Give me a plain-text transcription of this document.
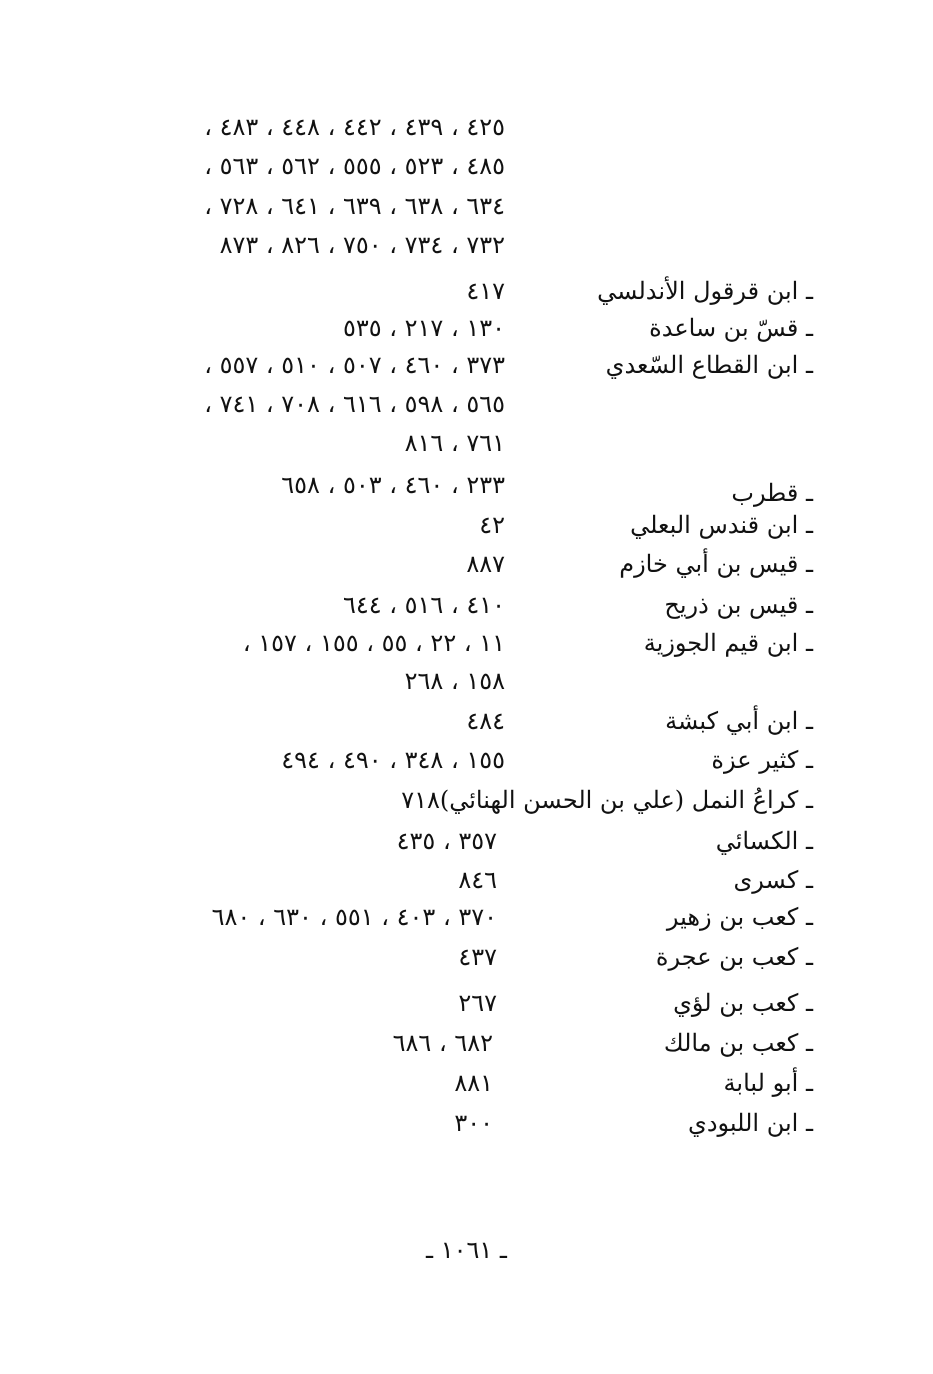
٤٢٥ ، ٤٣٩ ، ٤٤٢ ، ٤٤٨ ، ٤٨٣ ،
٤٨٥ ، ٥٢٣ ، ٥٥٥ ، ٥٦٢ ، ٥٦٣ ،
٦٣٤ ، ٦٣٨ ، ٦٣٩ ، ٦٤١ ، ٧٢٨ ،
٧٣٢ ، ٧٣٤ ، ٧٥٠ ، ٨٢٦ ، ٨٧٣
ـ ابن قرقول الأندلسي
٤١٧
ـ قسّ بن ساعدة
١٣٠ ، ٢١٧ ، ٥٣٥
ـ ابن القطاع السّعدي
٣٧٣ ، ٤٦٠ ، ٥٠٧ ، ٥١٠ ، ٥٥٧ ،
٥٦٥ ، ٥٩٨ ، ٦١٦ ، ٧٠٨ ، ٧٤١ ،
٧٦١ ، ٨١٦
ـ قطرب
٢٣٣ ، ٤٦٠ ، ٥٠٣ ، ٦٥٨
ـ ابن قندس البعلي
٤٢
ـ قيس بن أبي خازم
٨٨٧
ـ قيس بن ذريح
٤١٠ ، ٥١٦ ، ٦٤٤
ـ ابن قيم الجوزية
١١ ، ٢٢ ، ٥٥ ، ١٥٥ ، ١٥٧ ،
١٥٨ ، ٢٦٨
ـ ابن أبي كبشة
٤٨٤
ـ كثير عزة
١٥٥ ، ٣٤٨ ، ٤٩٠ ، ٤٩٤
ـ كراعُ النمل (علي بن الحسن الهنائي)٧١٨
ـ الكسائي
٣٥٧ ، ٤٣٥
ـ كسرى
٨٤٦
ـ كعب بن زهير
٣٧٠ ، ٤٠٣ ، ٥٥١ ، ٦٣٠ ، ٦٨٠
ـ كعب بن عجرة
٤٣٧
ـ كعب بن لؤي
٢٦٧
ـ كعب بن مالك
٦٨٢ ، ٦٨٦
ـ أبو لبابة
٨٨١
ـ ابن اللبودي
٣٠٠
ـ ١٠٦١ ـ
